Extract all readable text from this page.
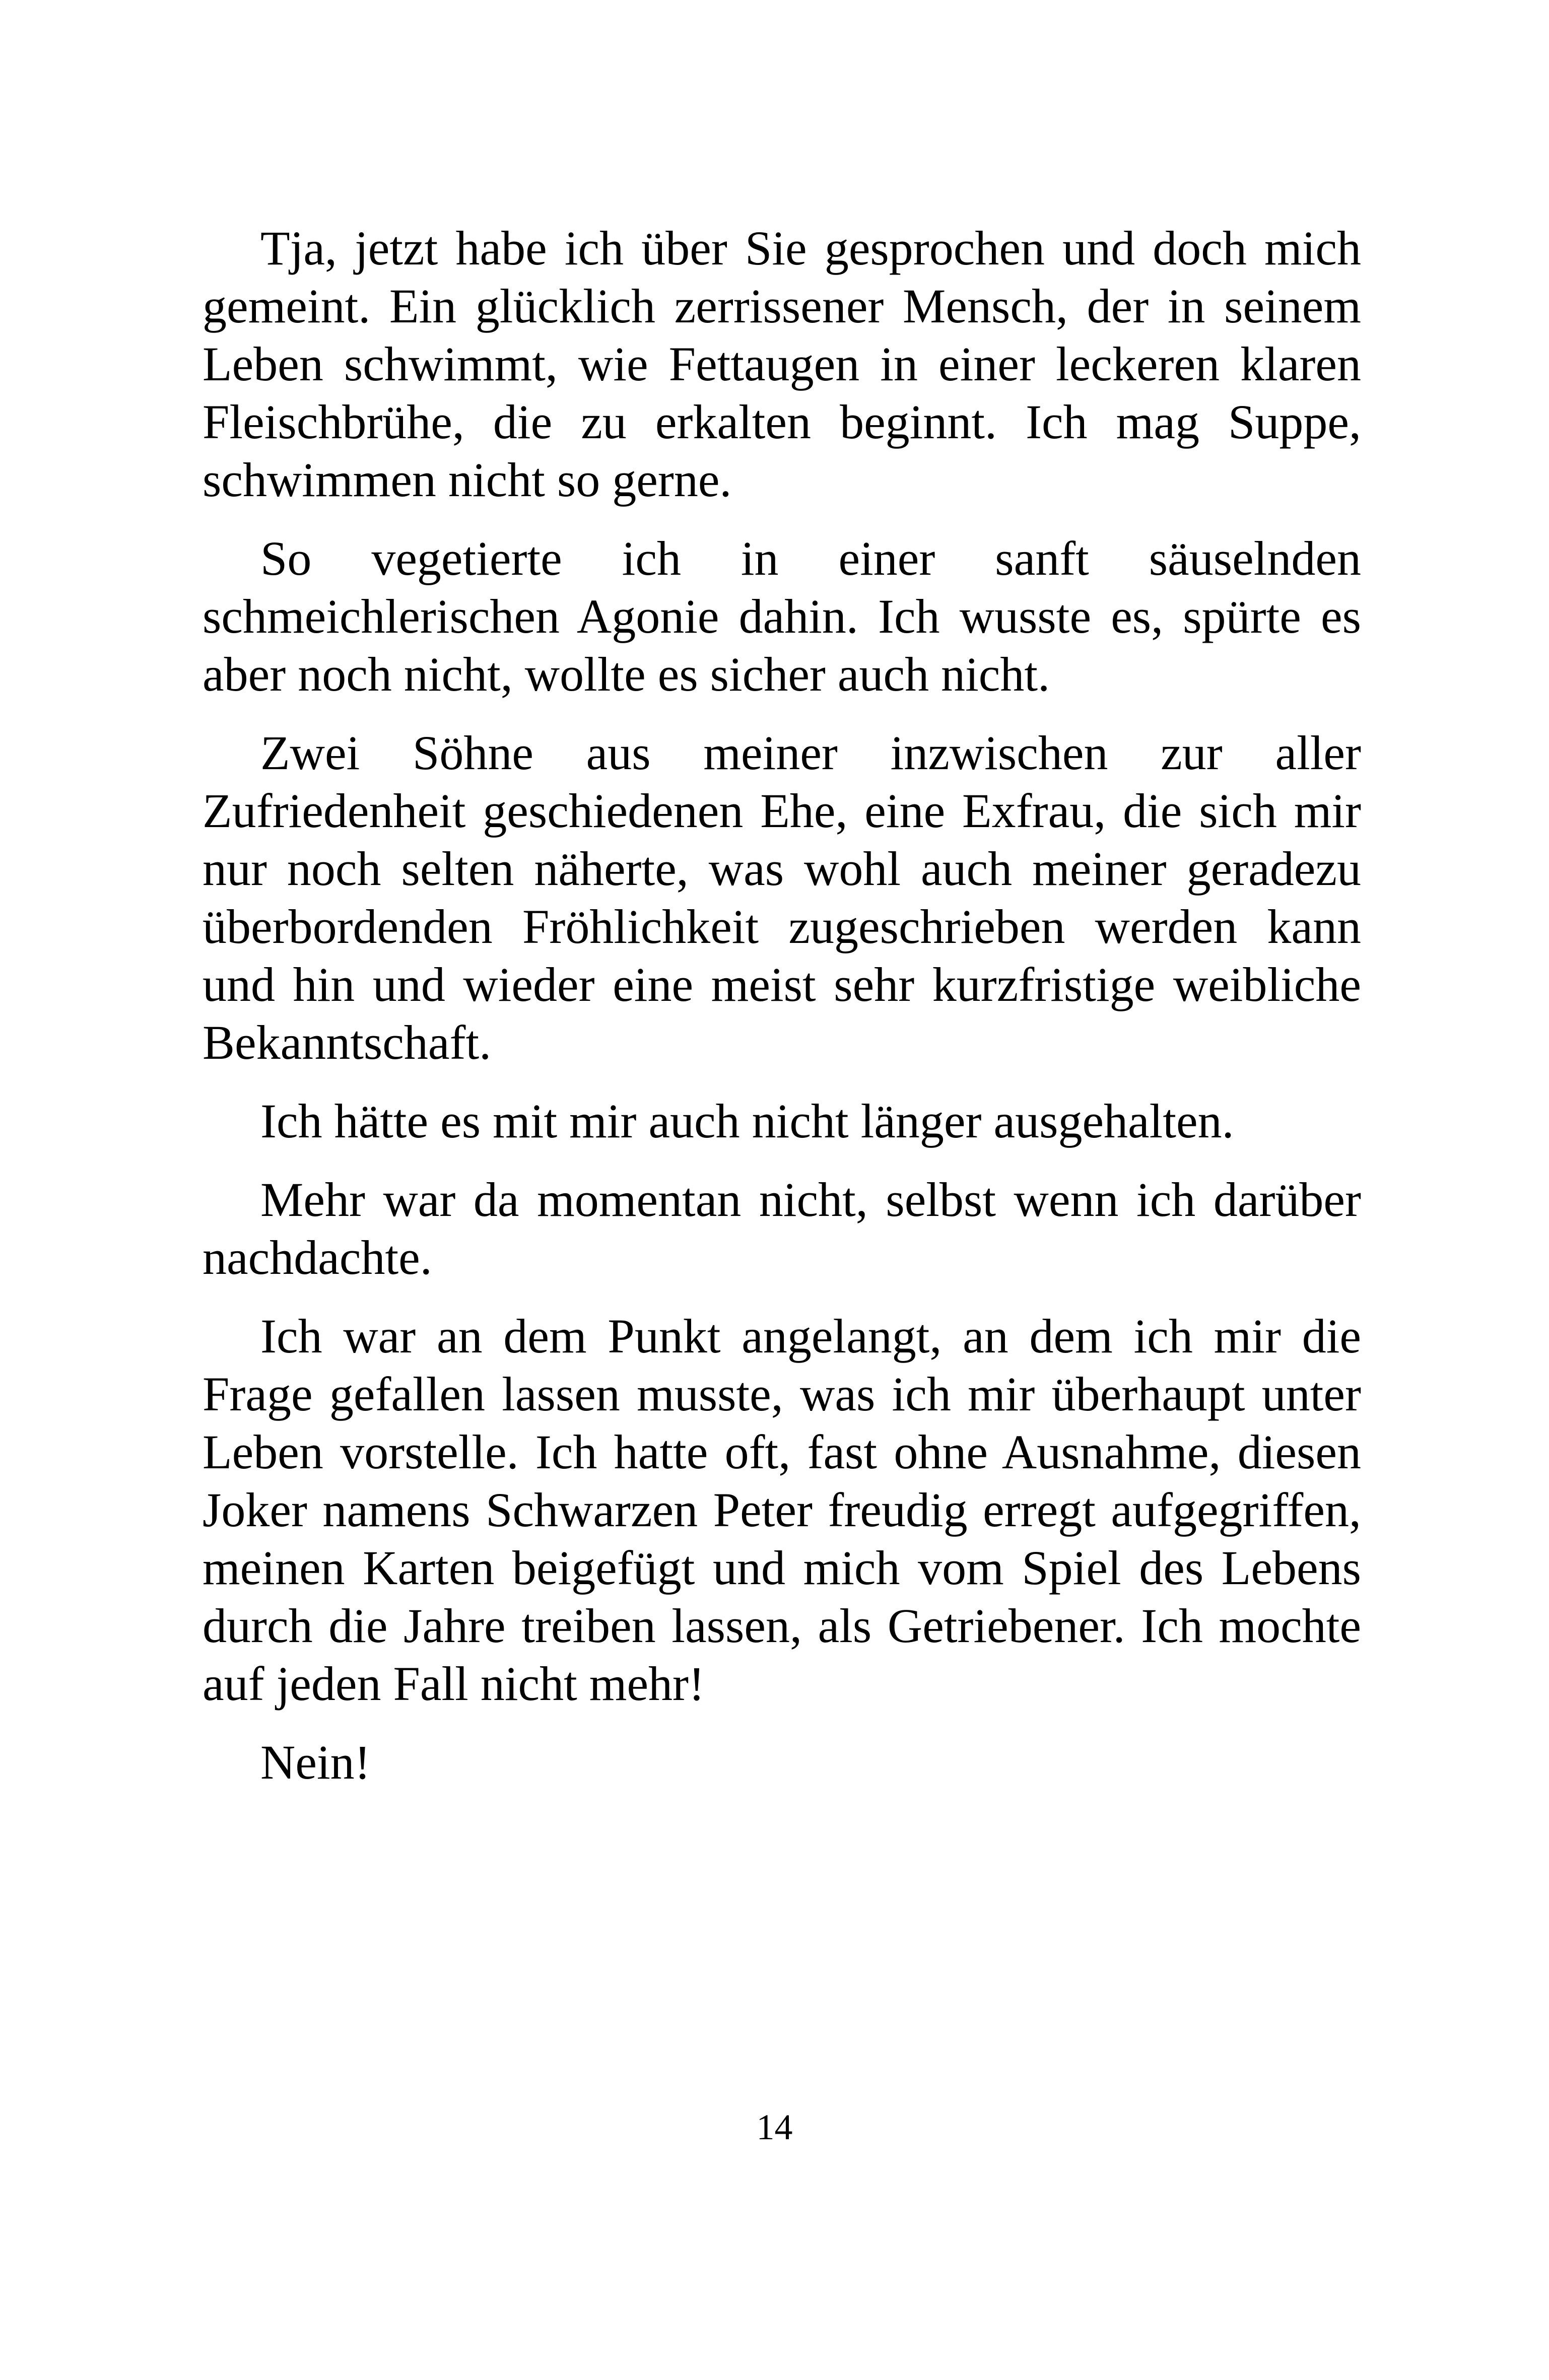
Tja, jetzt habe ich über Sie gesprochen und doch mich gemeint. Ein glücklich zerrissener Mensch, der in seinem Leben schwimmt, wie Fettaugen in einer leckeren klaren Fleischbrühe, die zu erkalten beginnt. Ich mag Suppe, schwimmen nicht so gerne.

So vegetierte ich in einer sanft säuselnden schmeichlerischen Agonie dahin. Ich wusste es, spürte es aber noch nicht, wollte es sicher auch nicht.

Zwei Söhne aus meiner inzwischen zur aller Zufriedenheit geschiedenen Ehe, eine Exfrau, die sich mir nur noch selten näherte, was wohl auch meiner geradezu überbordenden Fröhlichkeit zugeschrieben werden kann und hin und wieder eine meist sehr kurzfristige weibliche Bekanntschaft.

Ich hätte es mit mir auch nicht länger ausgehalten.

Mehr war da momentan nicht, selbst wenn ich darüber nachdachte.

Ich war an dem Punkt angelangt, an dem ich mir die Frage gefallen lassen musste, was ich mir überhaupt unter Leben vorstelle. Ich hatte oft, fast ohne Ausnahme, diesen Joker namens Schwarzen Peter freudig erregt aufgegriffen, meinen Karten beigefügt und mich vom Spiel des Lebens durch die Jahre treiben lassen, als Getriebener. Ich mochte auf jeden Fall nicht mehr!

Nein!

14
